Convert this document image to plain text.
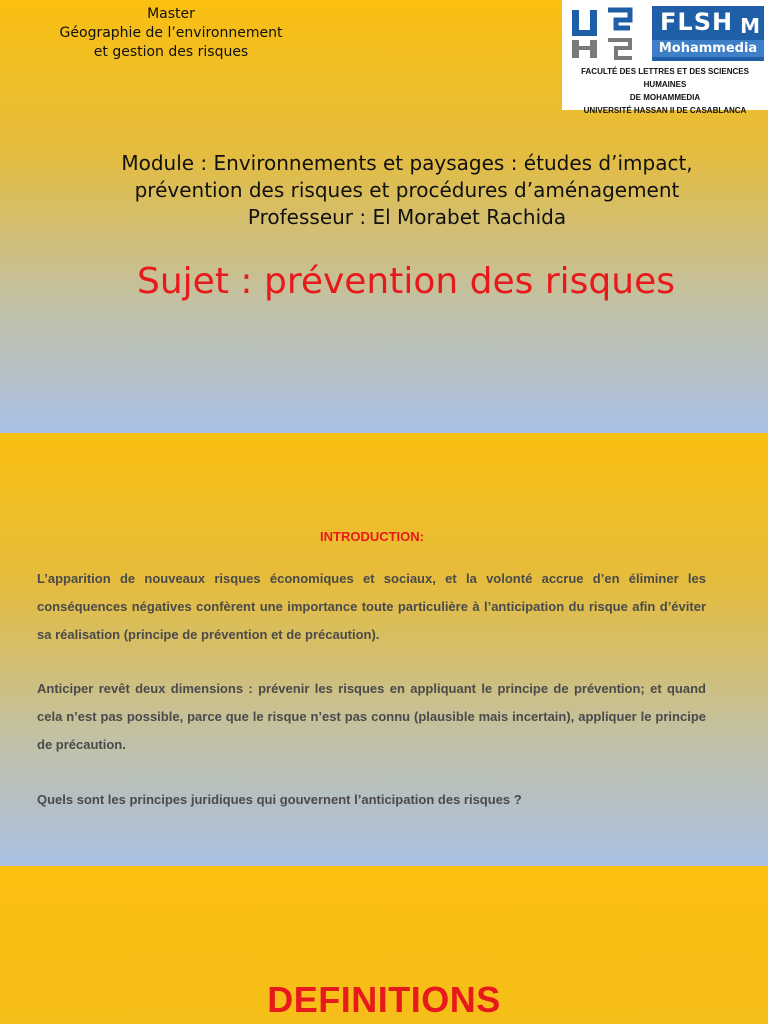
Master
Géographie de l’environnement
et gestion des risques
FLSH M
Mohammedia
FACULTÉ DES LETTRES ET DES SCIENCES HUMAINES
DE MOHAMMEDIA
UNIVERSITÉ HASSAN II DE CASABLANCA
Module : Environnements et paysages : études d’impact,
prévention des risques et procédures d’aménagement
Professeur : El Morabet Rachida
Sujet : prévention des risques
INTRODUCTION:

L’apparition de nouveaux risques économiques et sociaux, et la volonté accrue d’en éliminer les conséquences négatives confèrent une importance toute particulière à l’anticipation du risque afin d’éviter sa réalisation (principe de prévention et de précaution).

Anticiper revêt deux dimensions : prévenir les risques en appliquant le principe de prévention; et quand cela n’est pas possible, parce que le risque n’est pas connu (plausible mais incertain), appliquer le principe de précaution.

Quels sont les principes juridiques qui gouvernent l’anticipation des risques ?

DEFINITIONS
